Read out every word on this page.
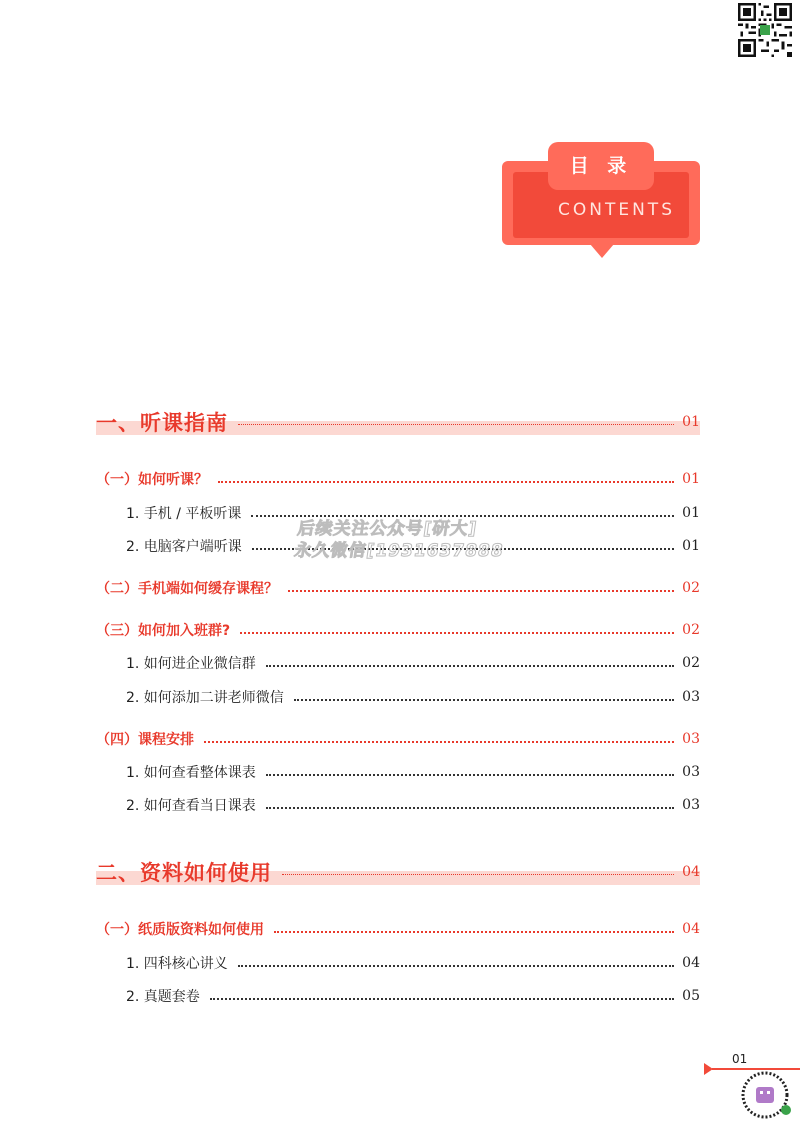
目 录
CONTENTS
一、听课指南	01
（一）如何听课？	01
1. 手机 / 平板听课	01
2. 电脑客户端听课	01
（二）手机端如何缓存课程？	02
（三）如何加入班群?	02
1. 如何进企业微信群	02
2. 如何添加二讲老师微信	03
（四）课程安排	03
1. 如何查看整体课表	03
2. 如何查看当日课表	03
二、资料如何使用	04
（一）纸质版资料如何使用	04
1. 四科核心讲义	04
2. 真题套卷	05
后续关注公众号[研大]
永久微信[1931637888
01
